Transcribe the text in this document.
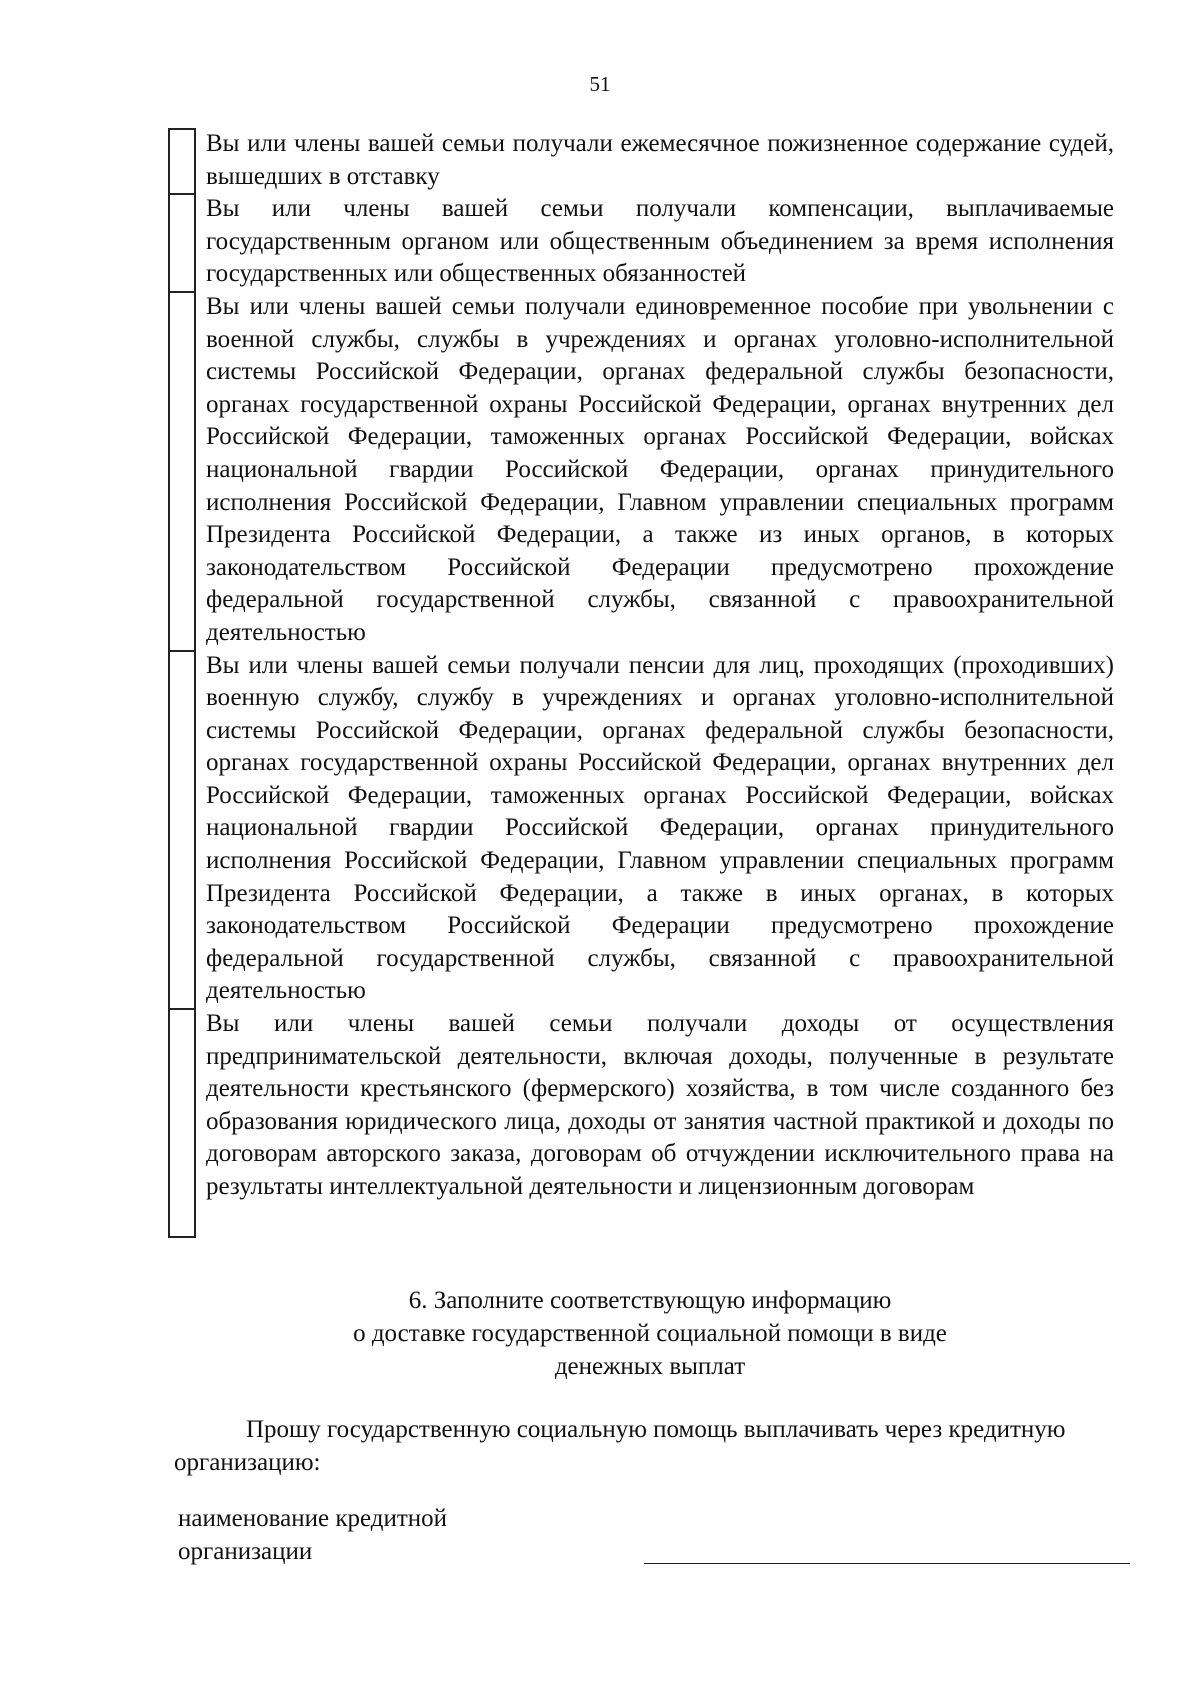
51
Вы или члены вашей семьи получали ежемесячное пожизненное содержание судей, вышедших в отставку
Вы или члены вашей семьи получали компенсации, выплачиваемые государственным органом или общественным объединением за время исполнения государственных или общественных обязанностей
Вы или члены вашей семьи получали единовременное пособие при увольнении с военной службы, службы в учреждениях и органах уголовно-исполнительной системы Российской Федерации, органах федеральной службы безопасности, органах государственной охраны Российской Федерации, органах внутренних дел Российской Федерации, таможенных органах Российской Федерации, войсках национальной гвардии Российской Федерации, органах принудительного исполнения Российской Федерации, Главном управлении специальных программ Президента Российской Федерации, а также из иных органов, в которых законодательством Российской Федерации предусмотрено прохождение федеральной государственной службы, связанной с правоохранительной деятельностью
Вы или члены вашей семьи получали пенсии для лиц, проходящих (проходивших) военную службу, службу в учреждениях и органах уголовно-исполнительной системы Российской Федерации, органах федеральной службы безопасности, органах государственной охраны Российской Федерации, органах внутренних дел Российской Федерации, таможенных органах Российской Федерации, войсках национальной гвардии Российской Федерации, органах принудительного исполнения Российской Федерации, Главном управлении специальных программ Президента Российской Федерации, а также в иных органах, в которых законодательством Российской Федерации предусмотрено прохождение федеральной государственной службы, связанной с правоохранительной деятельностью
Вы или члены вашей семьи получали доходы от осуществления предпринимательской деятельности, включая доходы, полученные в результате деятельности крестьянского (фермерского) хозяйства, в том числе созданного без образования юридического лица, доходы от занятия частной практикой и доходы по договорам авторского заказа, договорам об отчуждении исключительного права на результаты интеллектуальной деятельности и лицензионным договорам
6. Заполните соответствующую информацию
о доставке государственной социальной помощи в виде
денежных выплат
Прошу государственную социальную помощь выплачивать через кредитную организацию:
наименование кредитной
организации
